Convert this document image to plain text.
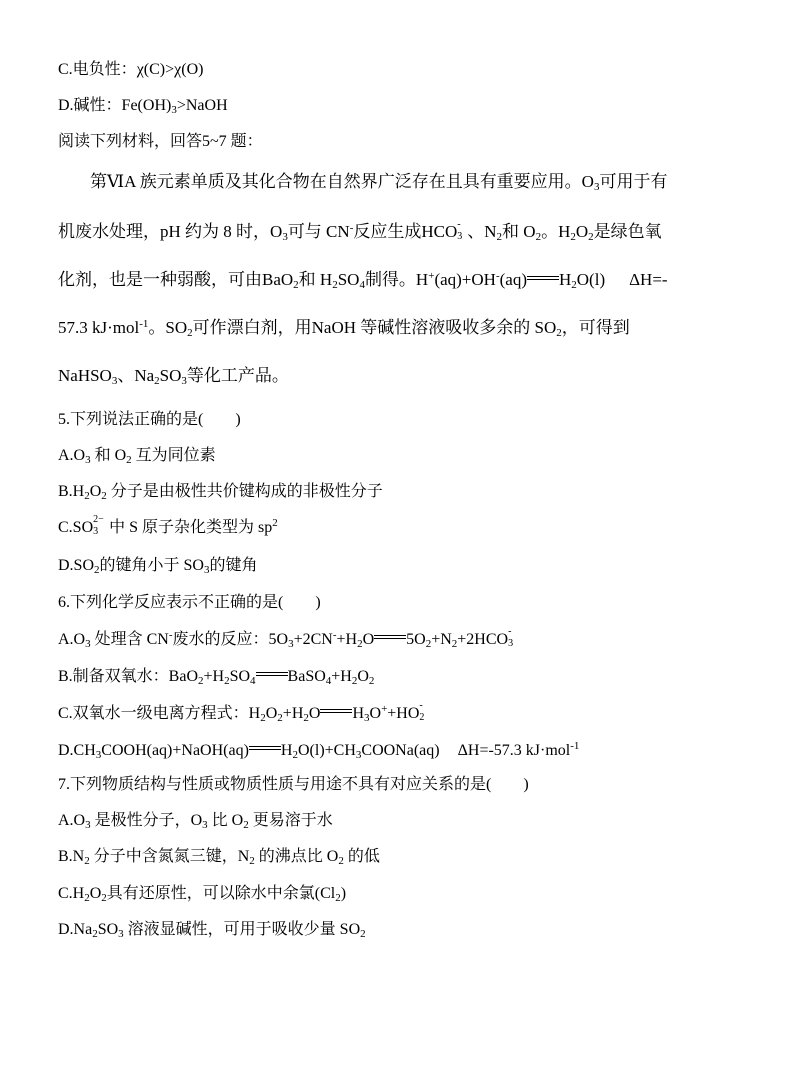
C.电负性：χ(C)>χ(O)
D.碱性：$Fe(OH)_3>NaOH$
阅读下列材料，回答5~7 题：
第ⅥA 族元素单质及其化合物在自然界广泛存在且具有重要应用。$O_3$可用于有
机废水处理，pH 约为 8 时，$O_3$可与 CN-反应生成HCO -
3 、$N_2$和 $O_2$。$H_2O_2$是绿色氧
化剂，也是一种弱酸，可由BaO$_2$和 $H_2SO_4$制得。H+(aq)+OH-(aq) $H_2O(l)$ ΔH=-
57.3 kJ·mol$^{-1}$。$SO_2$可作漂白剂，用NaOH 等碱性溶液吸收多余的 $SO_2$，可得到
NaHSO$_3$、$Na_2SO_3$等化工产品。
5.下列说法正确的是(　　)
$A.O_3$ 和 $O_2$ 互为同位素
$B.H_2O_2$ 分子是由极性共价键构成的非极性分子
C.SO 2−
3 中 S 原子杂化类型为 $sp^2$
$D.SO_2$的键角小于 $SO_3$的键角
6.下列化学反应表示不正确的是(　　)
$A.O_3$ 处理含 CN-废水的反应：$5O_3+2CN^-+H_2O$ $5O_2+N_2+2HCO$ -
3
B.制备双氧水：$BaO_2+H_2SO_4$ $BaSO_4+H_2O_2$
C.双氧水一级电离方程式：$H_2O_2+H_2O$ $H_3O^++HO$ -
2
$D.CH_3COOH(aq)+NaOH(aq)$ $H_2O(l)+CH_3COONa(aq)$ ΔH=-57.3 kJ·mol$^{-1}$
7.下列物质结构与性质或物质性质与用途不具有对应关系的是(　　)
$A.O_3$ 是极性分子，$O_3$ 比 $O_2$ 更易溶于水
$B.N_2$ 分子中含氮氮三键，$N_2$ 的沸点比 $O_2$ 的低
$C.H_2O_2$具有还原性，可以除水中余氯$(Cl_2)$
$D.Na_2SO_3$ 溶液显碱性，可用于吸收少量 $SO_2$
